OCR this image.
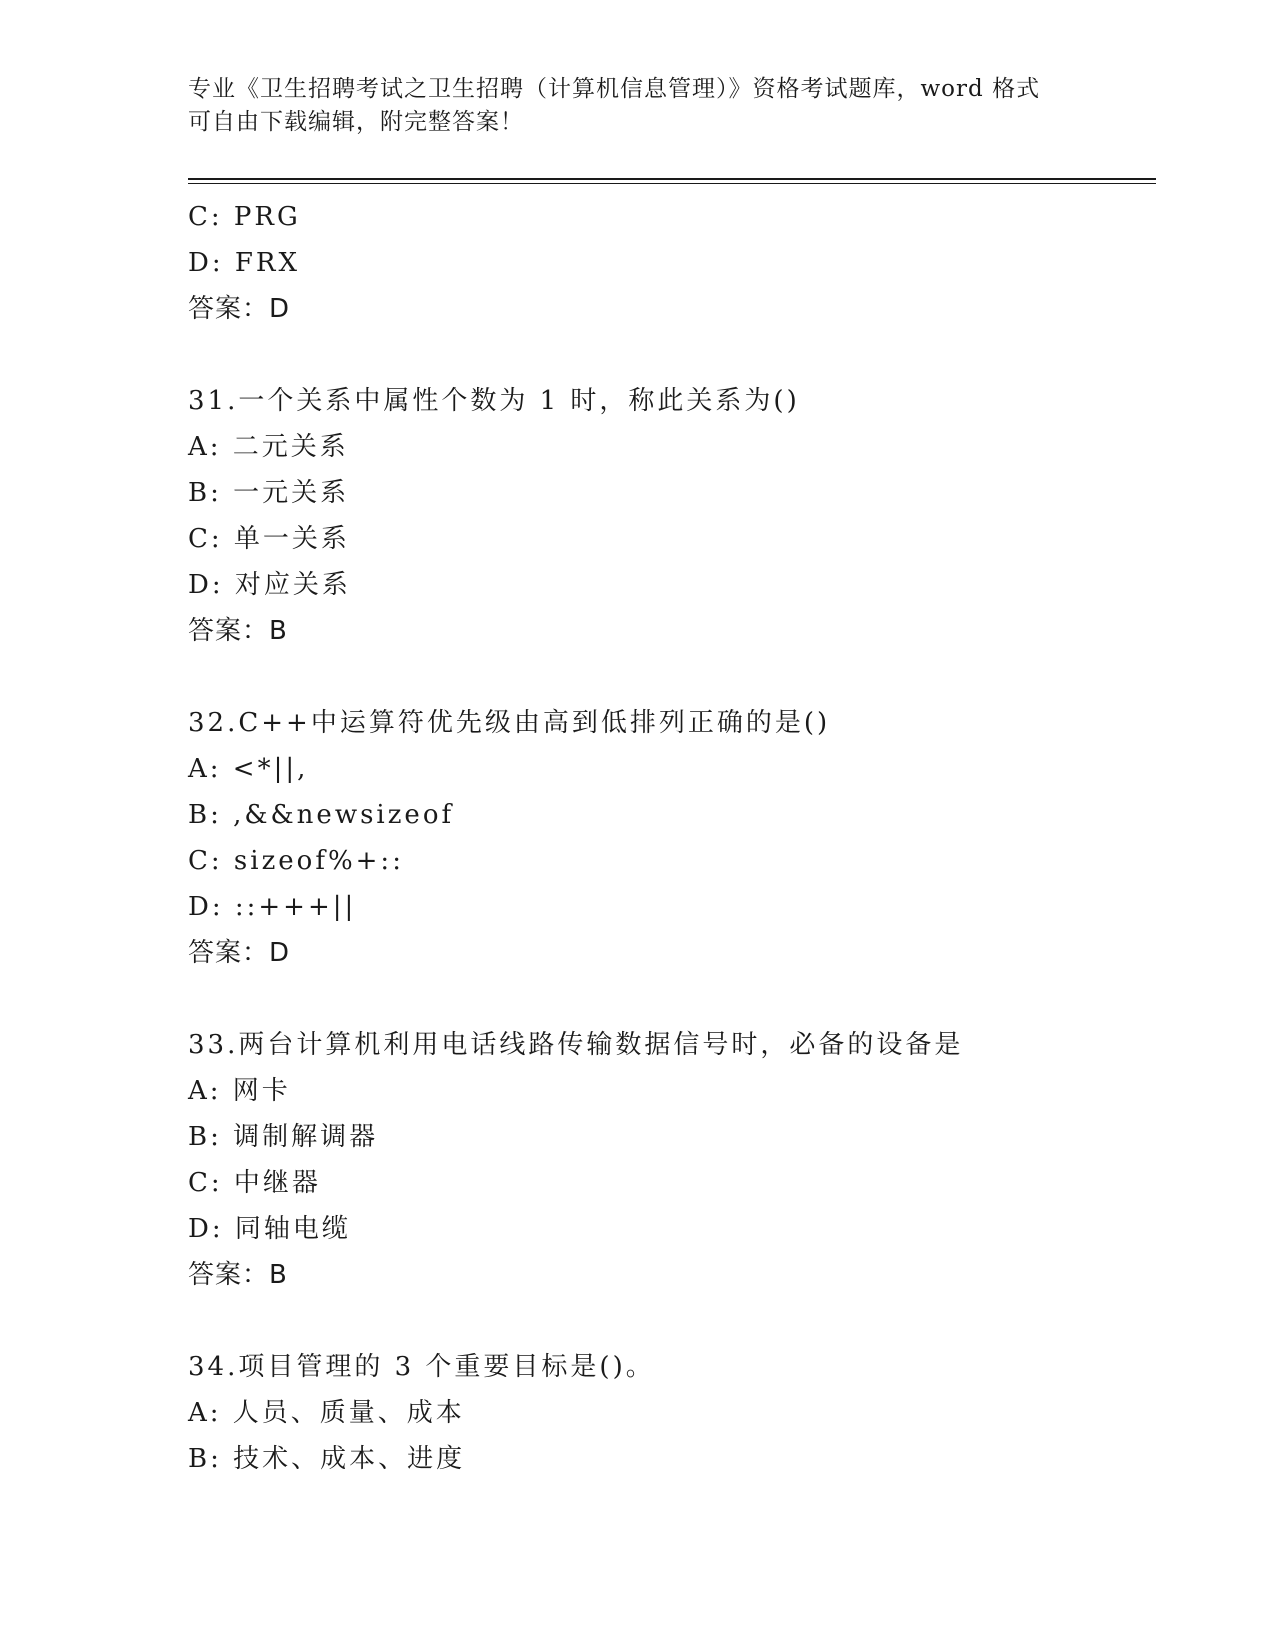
专业《卫生招聘考试之卫生招聘（计算机信息管理）》资格考试题库，word 格式
可自由下载编辑，附完整答案！
C: PRG
D: FRX
答案：D
31.一个关系中属性个数为 1 时，称此关系为()
A: 二元关系
B: 一元关系
C: 单一关系
D: 对应关系
答案：B
32.C++中运算符优先级由高到低排列正确的是()
A: <*||,
B: ,&&newsizeof
C: sizeof%+::
D: ::+++||
答案：D
33.两台计算机利用电话线路传输数据信号时，必备的设备是
A: 网卡
B: 调制解调器
C: 中继器
D: 同轴电缆
答案：B
34.项目管理的 3 个重要目标是()。
A: 人员、质量、成本
B: 技术、成本、进度
